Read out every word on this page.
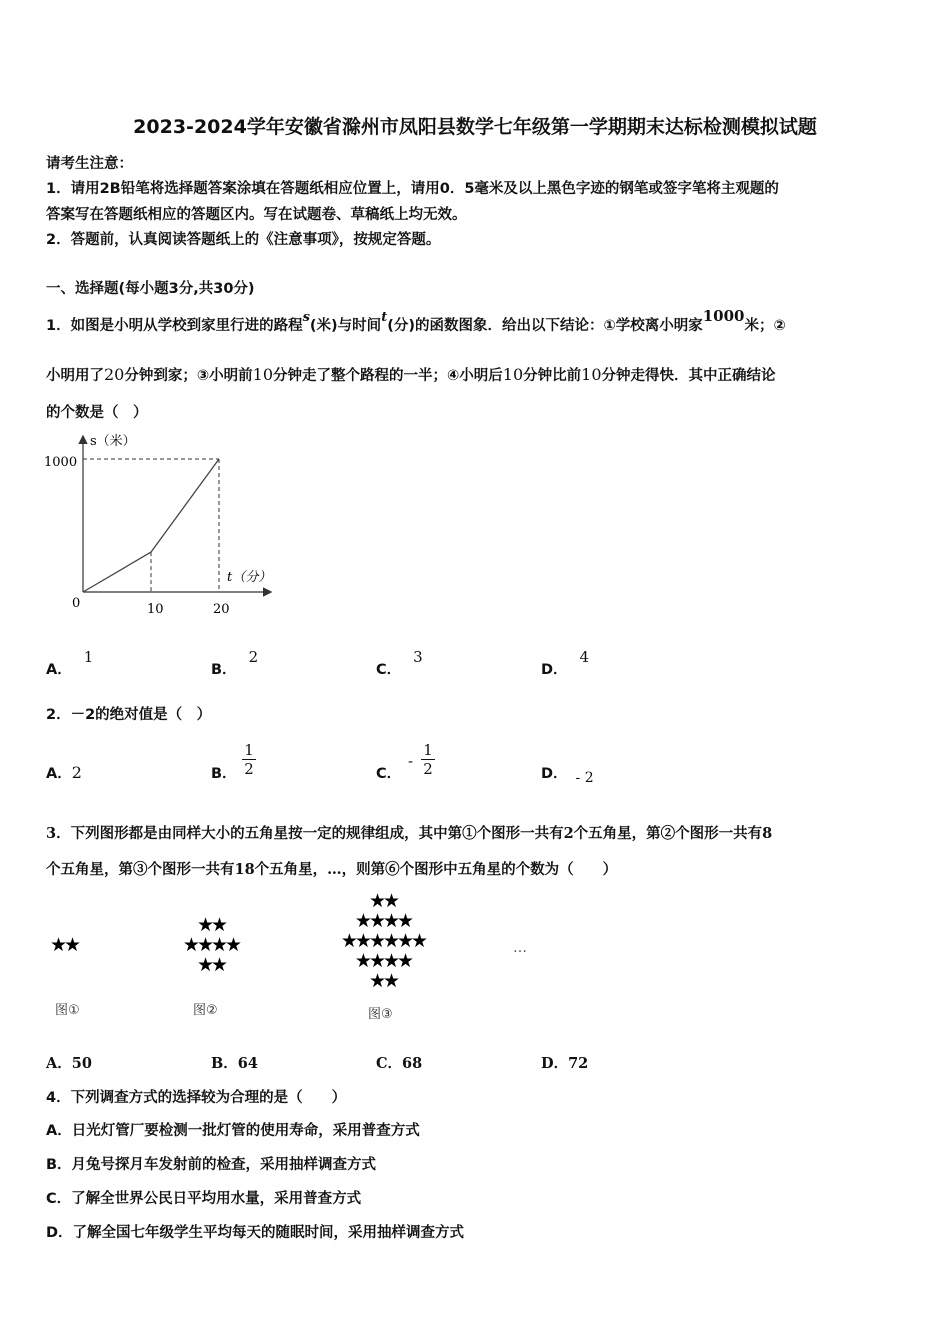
2023-2024学年安徽省滁州市凤阳县数学七年级第一学期期末达标检测模拟试题
请考生注意：
1．请用2B铅笔将选择题答案涂填在答题纸相应位置上，请用0．5毫米及以上黑色字迹的钢笔或签字笔将主观题的
答案写在答题纸相应的答题区内。写在试题卷、草稿纸上均无效。
2．答题前，认真阅读答题纸上的《注意事项》，按规定答题。
一、选择题(每小题3分,共30分)
1．如图是小明从学校到家里行进的路程s(米)与时间t(分)的函数图象．给出以下结论：①学校离小明家1000米；②
小明用了20分钟到家；③小明前10分钟走了整个路程的一半；④小明后10分钟比前10分钟走得快．其中正确结论
的个数是（　）
s（米）
t（分）
0	10	20
1000
A．1
B．2
C．3
D．4
2．－2的绝对值是（　）
A．2	B．
1
2	C．
-
1
2	D． - 2
3．下列图形都是由同样大小的五角星按一定的规律组成，其中第①个图形一共有2个五角星，第②个图形一共有8
个五角星，第③个图形一共有18个五角星，…，则第⑥个图形中五角星的个数为（　　）
★★
图①
★★
★★★★
★★
图②
★★
★★★★
★★★★★★
★★★★
★★
图③
…
A．50	B．64	C．68	D．72
4．下列调查方式的选择较为合理的是（　　）
A．日光灯管厂要检测一批灯管的使用寿命，采用普查方式
B．月兔号探月车发射前的检查，采用抽样调查方式
C．了解全世界公民日平均用水量，采用普查方式
D．了解全国七年级学生平均每天的随眠时间，采用抽样调查方式
